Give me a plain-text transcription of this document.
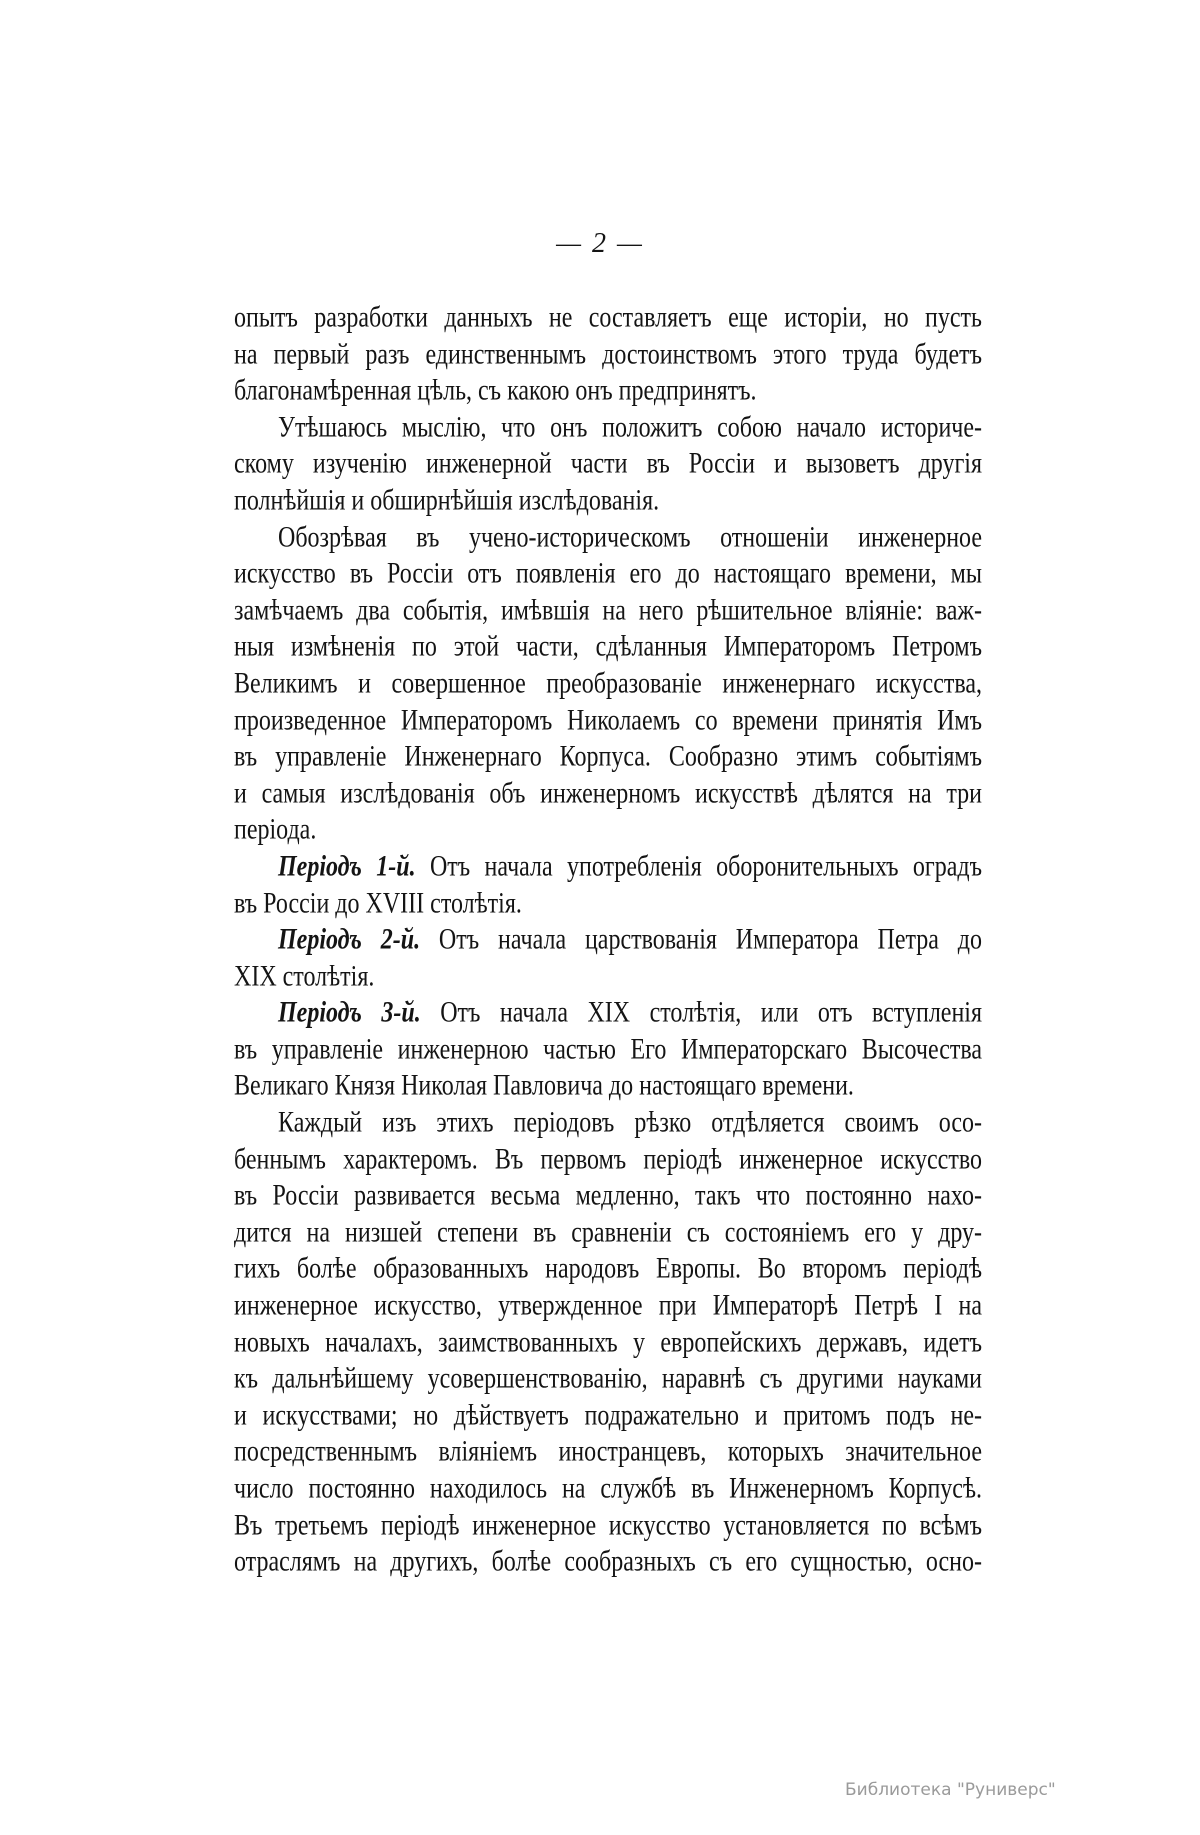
— 2 —
опытъ разработки данныхъ не составляетъ еще исторіи, но пусть
на первый разъ единственнымъ достоинствомъ этого труда будетъ
благонамѣренная цѣль, съ какою онъ предпринятъ.
Утѣшаюсь мыслію, что онъ положитъ собою начало историче-
скому изученію инженерной части въ Россіи и вызоветъ другія
полнѣйшія и обширнѣйшія изслѣдованія.
Обозрѣвая въ учено-историческомъ отношеніи инженерное
искусство въ Россіи отъ появленія его до настоящаго времени, мы
замѣчаемъ два событія, имѣвшія на него рѣшительное вліяніе: важ-
ныя измѣненія по этой части, сдѣланныя Императоромъ Петромъ
Великимъ и совершенное преобразованіе инженернаго искусства,
произведенное Императоромъ Николаемъ со времени принятія Имъ
въ управленіе Инженернаго Корпуса. Сообразно этимъ событіямъ
и самыя изслѣдованія объ инженерномъ искусствѣ дѣлятся на три
періода.
Періодъ 1-й. Отъ начала употребленія оборонительныхъ оградъ
въ Россіи до XVIII столѣтія.
Періодъ 2-й. Отъ начала царствованія Императора Петра до
XIX столѣтія.
Періодъ 3-й. Отъ начала XIX столѣтія, или отъ вступленія
въ управленіе инженерною частью Его Императорскаго Высочества
Великаго Князя Николая Павловича до настоящаго времени.
Каждый изъ этихъ періодовъ рѣзко отдѣляется своимъ осо-
беннымъ характеромъ. Въ первомъ періодѣ инженерное искусство
въ Россіи развивается весьма медленно, такъ что постоянно нахо-
дится на низшей степени въ сравненіи съ состояніемъ его у дру-
гихъ болѣе образованныхъ народовъ Европы. Во второмъ періодѣ
инженерное искусство, утвержденное при Императорѣ Петрѣ I на
новыхъ началахъ, заимствованныхъ у европейскихъ державъ, идетъ
къ дальнѣйшему усовершенствованію, наравнѣ съ другими науками
и искусствами; но дѣйствуетъ подражательно и притомъ подъ не-
посредственнымъ вліяніемъ иностранцевъ, которыхъ значительное
число постоянно находилось на службѣ въ Инженерномъ Корпусѣ.
Въ третьемъ періодѣ инженерное искусство установляется по всѣмъ
отраслямъ на другихъ, болѣе сообразныхъ съ его сущностью, осно-
Библиотека "Руниверс"
